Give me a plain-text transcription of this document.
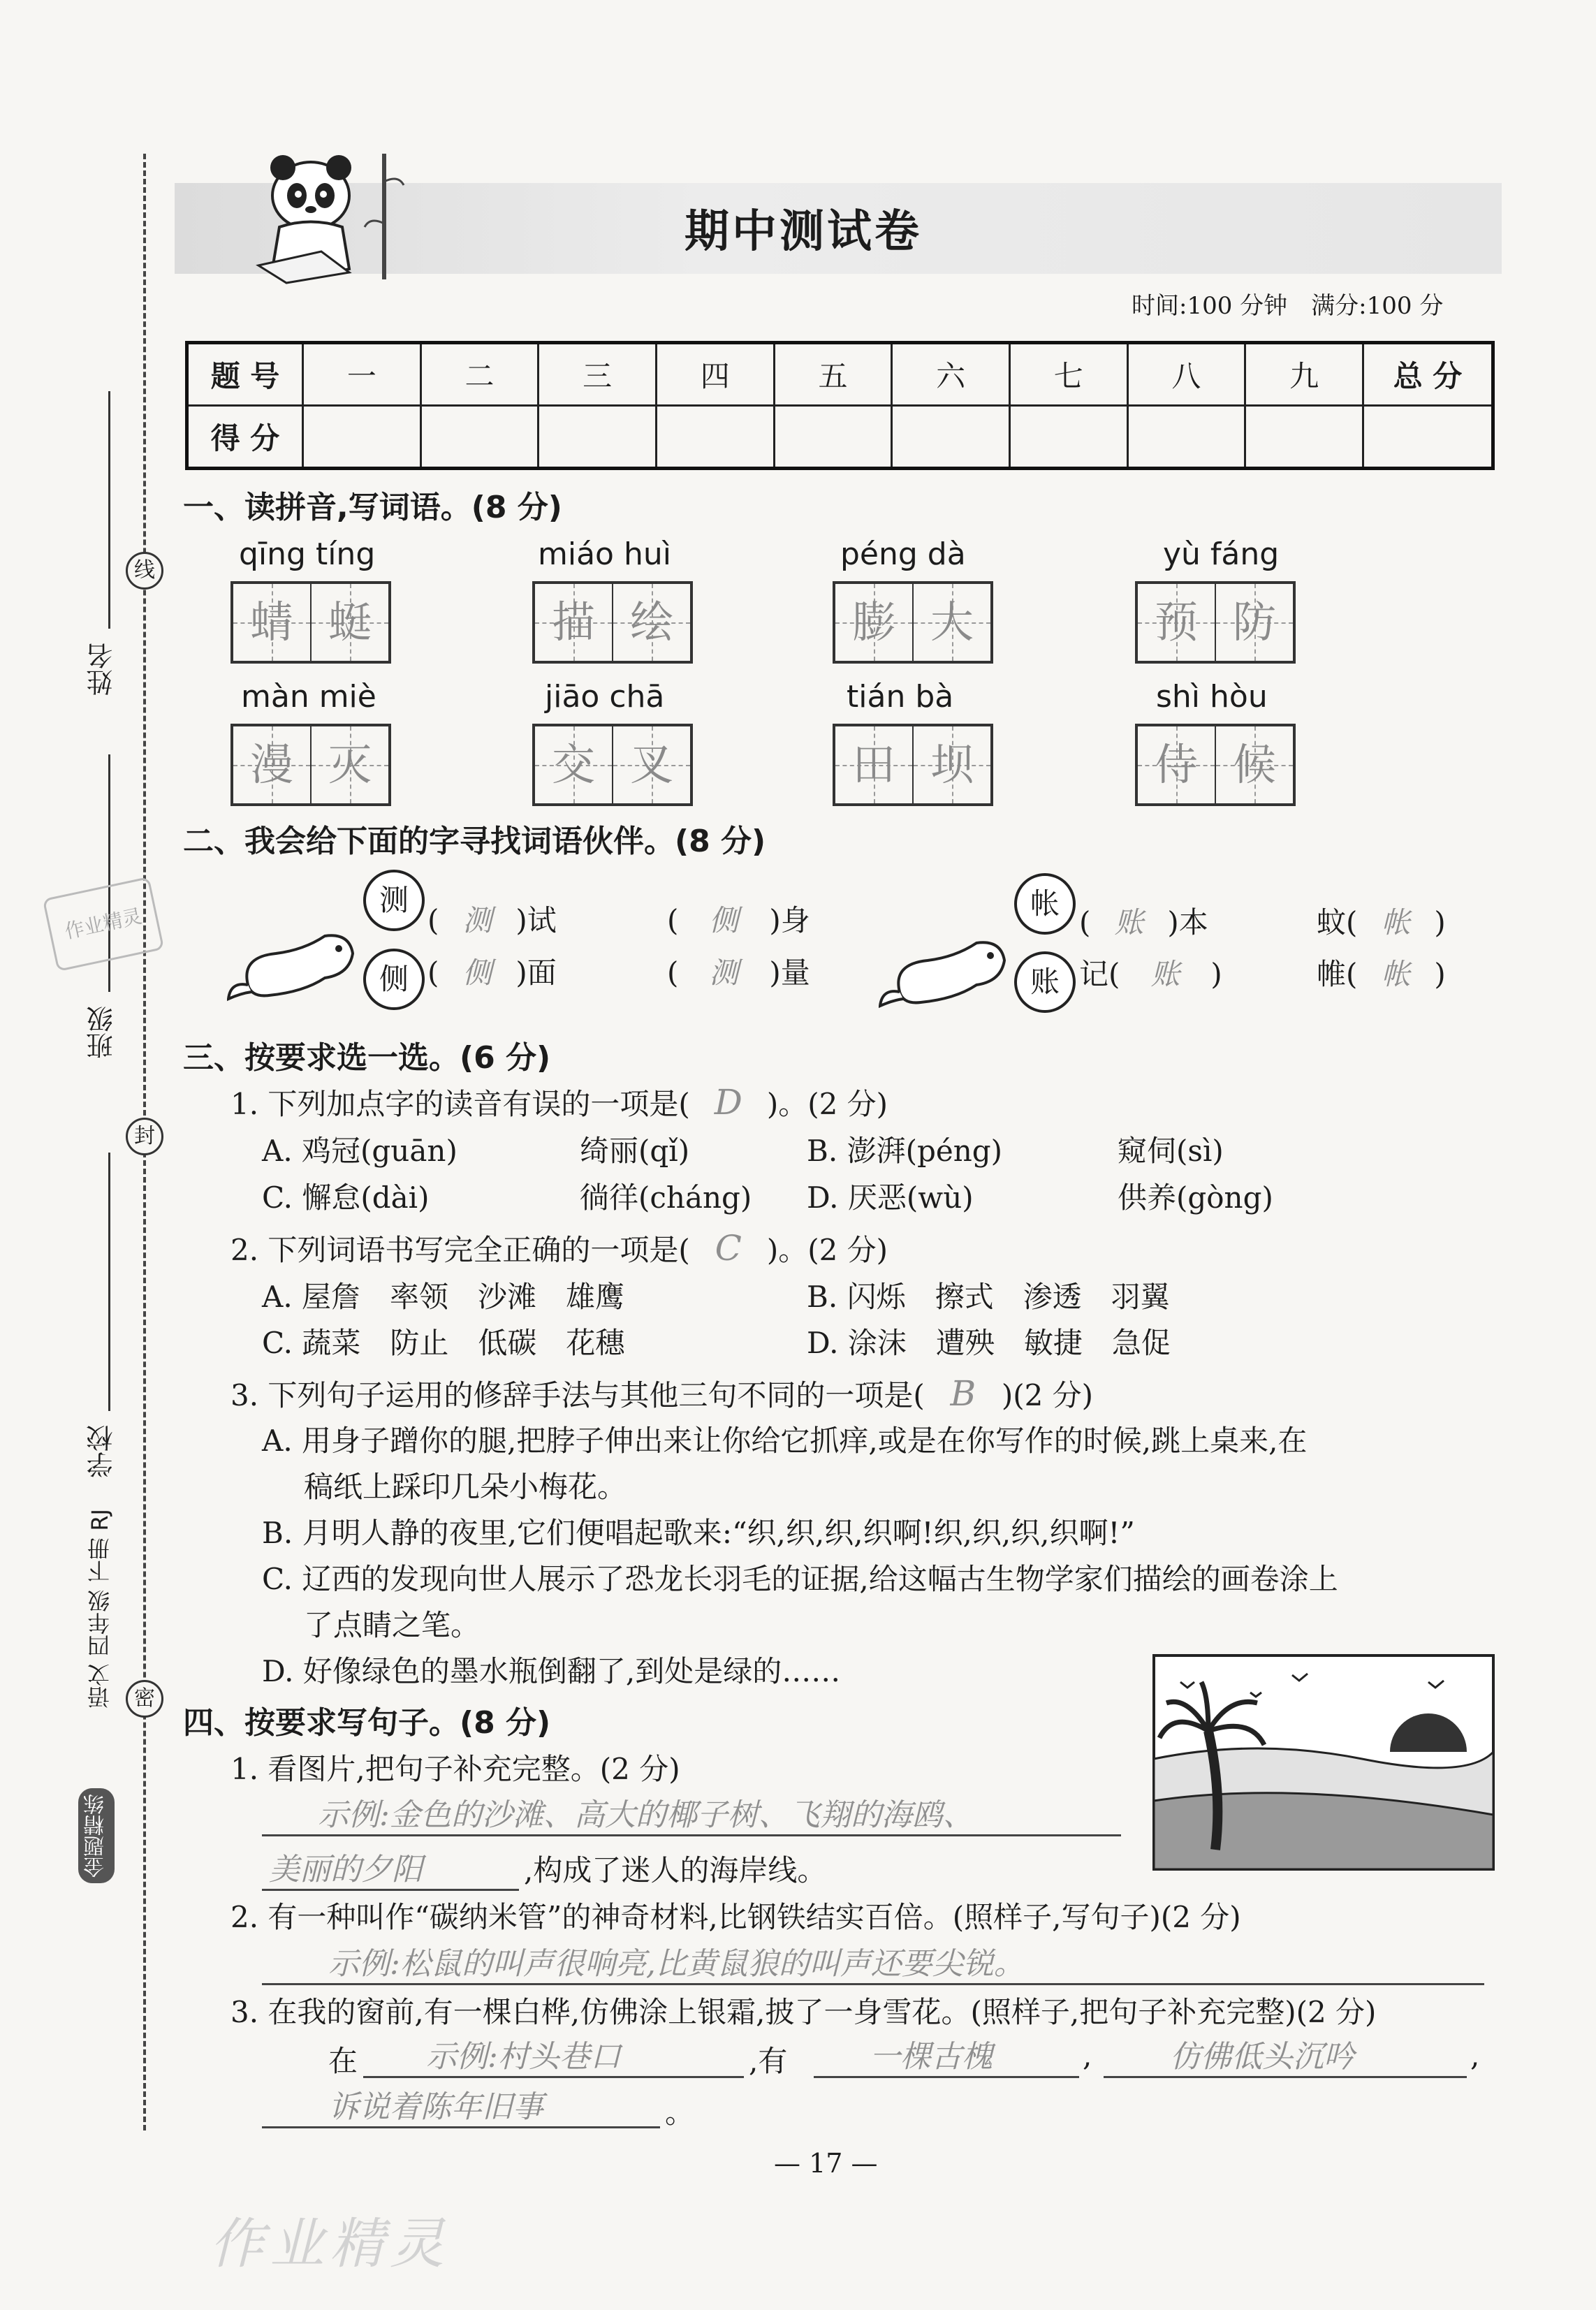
期中测试卷
时间:100 分钟　满分:100 分
线
封
密
姓名
班级
学校
语文 四年级 下册 RJ
金题精练
作业精灵
题 号	一	二	三	四	五	六	七	八	九	总 分
得 分										
一、读拼音,写词语。(8 分)
qīng tíng
蜻 蜓
miáo huì
描 绘
péng dà
膨 大
yù fáng
预 防
màn miè
漫 灭
jiāo chā
交 叉
tián bà
田 坝
shì hòu
侍 候
二、我会给下面的字寻找词语伙伴。(8 分)
测
侧
( 测 )试	( 侧 )身
( 侧 )面	( 测 )量
帐
账
( 账 )本	蚊( 帐 )
记( 账 )	帷( 帐 )
三、按要求选一选。(6 分)
1. 下列加点字的读音有误的一项是( D )。(2 分)
A. 鸡冠(guān)	绮丽(qǐ)	B. 澎湃(péng)	窥伺(sì)
C. 懈怠(dài)	徜徉(cháng) D. 厌恶(wù)	供养(gòng)
2. 下列词语书写完全正确的一项是( C )。(2 分)
A. 屋詹　率领　沙滩　雄鹰	B. 闪烁　擦式　渗透　羽翼
C. 蔬菜　防止　低碳　花穗	D. 涂沫　遭殃　敏捷　急促
3. 下列句子运用的修辞手法与其他三句不同的一项是( B )(2 分)
A. 用身子蹭你的腿,把脖子伸出来让你给它抓痒,或是在你写作的时候,跳上桌来,在
稿纸上踩印几朵小梅花。
B. 月明人静的夜里,它们便唱起歌来:“织,织,织,织啊!织,织,织,织啊!”
C. 辽西的发现向世人展示了恐龙长羽毛的证据,给这幅古生物学家们描绘的画卷涂上
了点睛之笔。
D. 好像绿色的墨水瓶倒翻了,到处是绿的……
四、按要求写句子。(8 分)
1. 看图片,把句子补充完整。(2 分)
示例:金色的沙滩、高大的椰子树、飞翔的海鸥、
美丽的夕阳	,构成了迷人的海岸线。
2. 有一种叫作“碳纳米管”的神奇材料,比钢铁结实百倍。(照样子,写句子)(2 分)
示例:松鼠的叫声很响亮,比黄鼠狼的叫声还要尖锐。
3. 在我的窗前,有一棵白桦,仿佛涂上银霜,披了一身雪花。(照样子,把句子补充完整)(2 分)
在	示例:村头巷口	,有	一棵古槐	,	仿佛低头沉吟	,
诉说着陈年旧事	。
— 17 —
作业精灵
